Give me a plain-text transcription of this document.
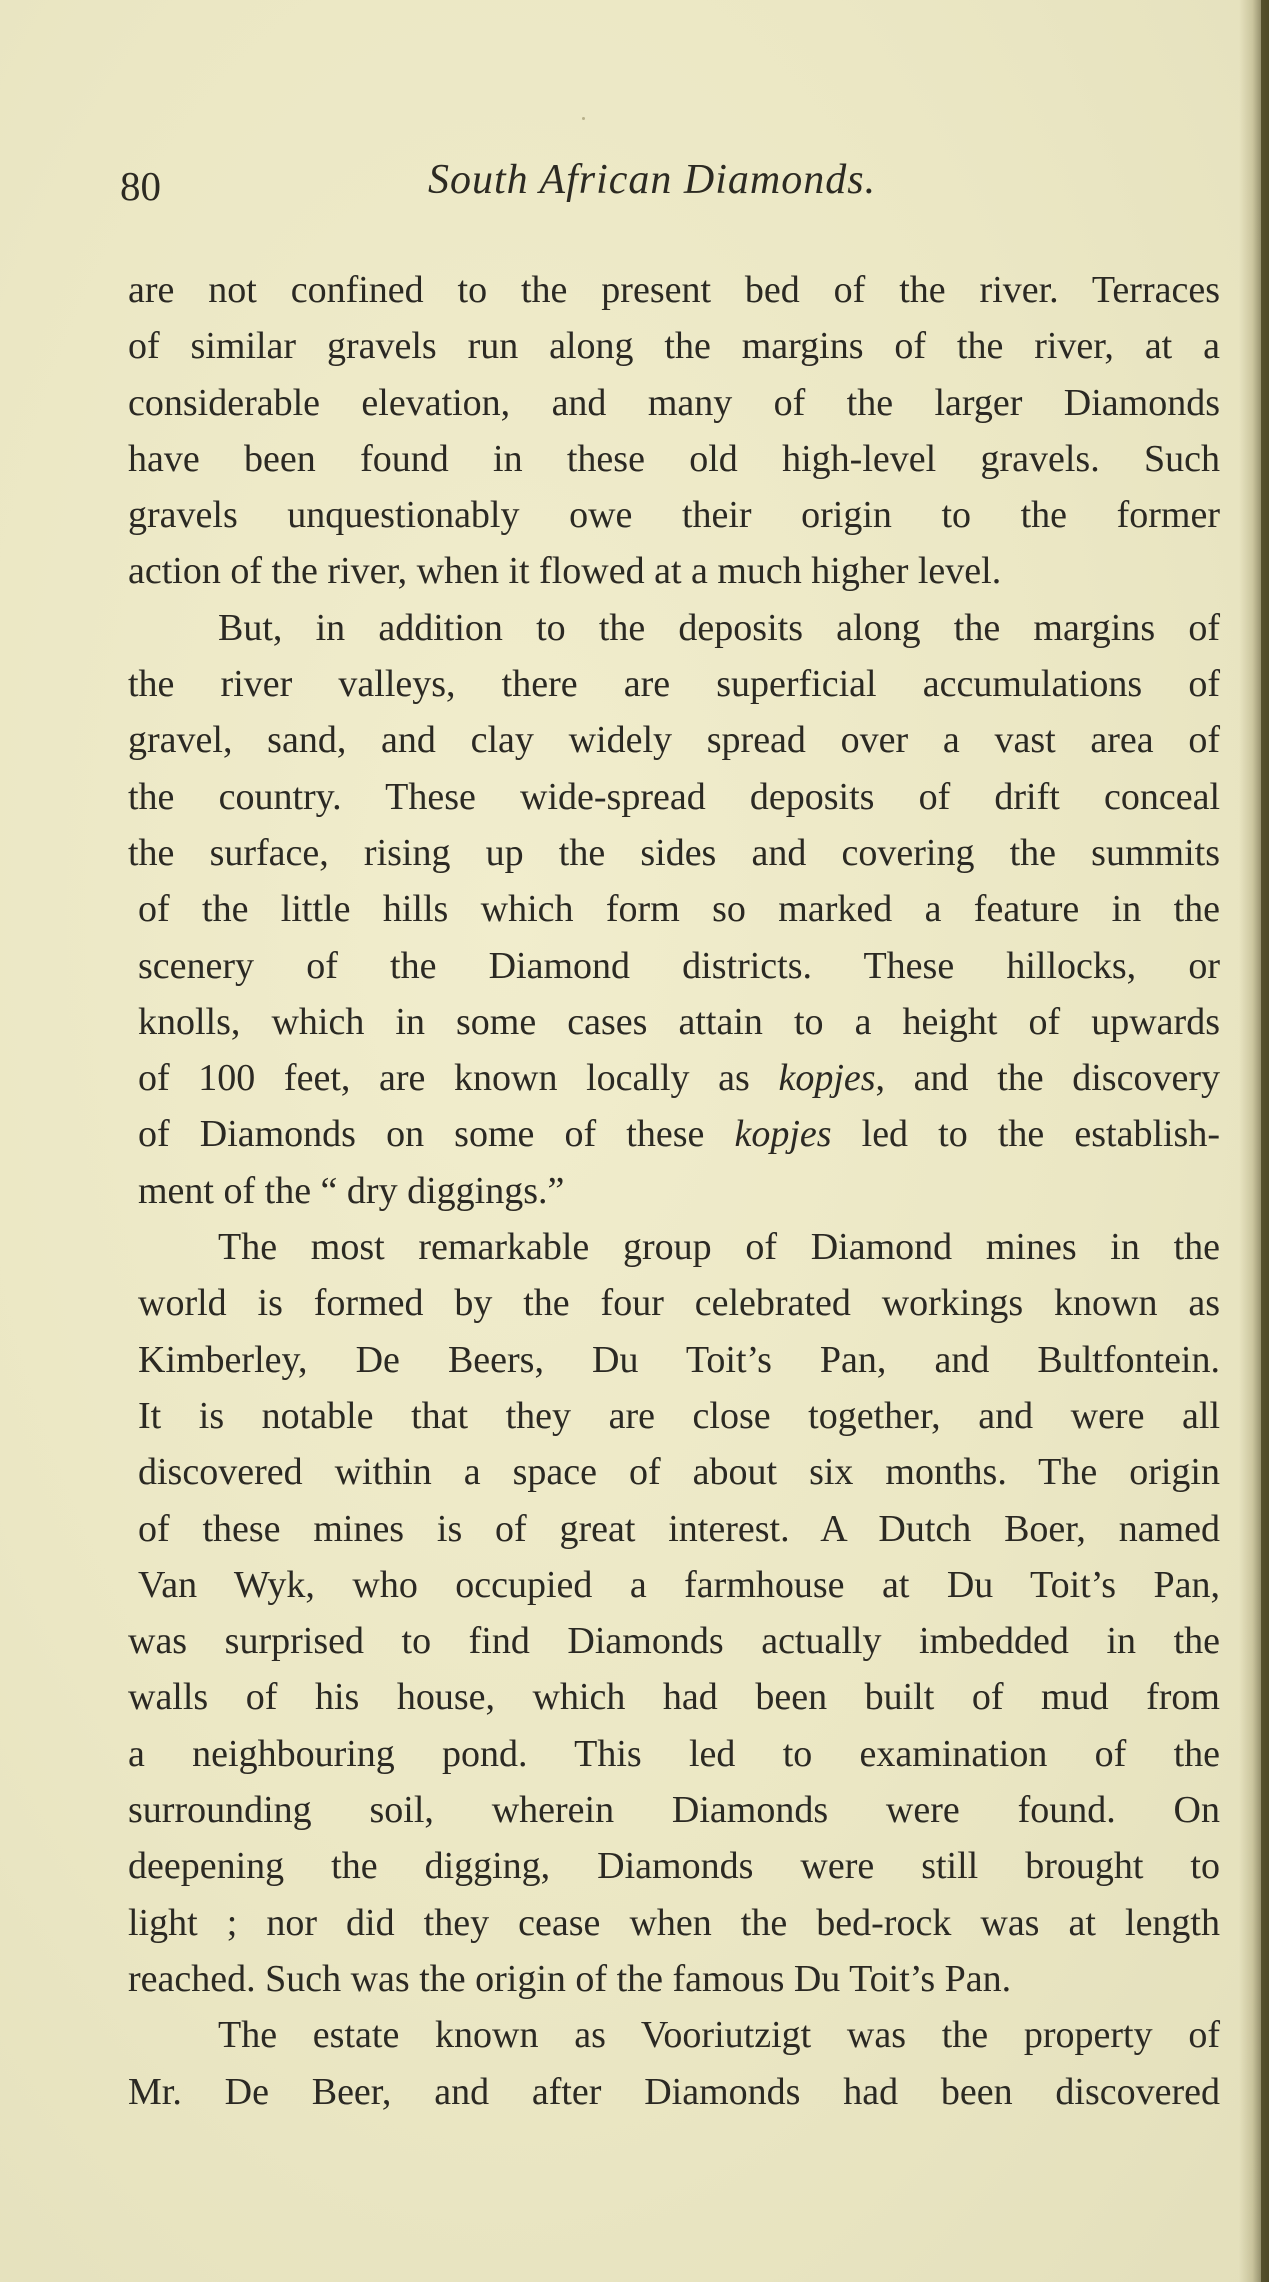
80	South African Diamonds.
are not confined to the present bed of the river. Terraces
of similar gravels run along the margins of the river, at a
considerable elevation, and many of the larger Diamonds
have been found in these old high-level gravels. Such
gravels unquestionably owe their origin to the former
action of the river, when it flowed at a much higher level.
But, in addition to the deposits along the margins of
the river valleys, there are superficial accumulations of
gravel, sand, and clay widely spread over a vast area of
the country. These wide-spread deposits of drift conceal
the surface, rising up the sides and covering the summits
of the little hills which form so marked a feature in the
scenery of the Diamond districts. These hillocks, or
knolls, which in some cases attain to a height of upwards
of 100 feet, are known locally as kopjes, and the discovery
of Diamonds on some of these kopjes led to the establish-
ment of the “ dry diggings.”
The most remarkable group of Diamond mines in the
world is formed by the four celebrated workings known as
Kimberley, De Beers, Du Toit’s Pan, and Bultfontein.
It is notable that they are close together, and were all
discovered within a space of about six months. The origin
of these mines is of great interest. A Dutch Boer, named
Van Wyk, who occupied a farmhouse at Du Toit’s Pan,
was surprised to find Diamonds actually imbedded in the
walls of his house, which had been built of mud from
a neighbouring pond. This led to examination of the
surrounding soil, wherein Diamonds were found. On
deepening the digging, Diamonds were still brought to
light ; nor did they cease when the bed-rock was at length
reached. Such was the origin of the famous Du Toit’s Pan.
The estate known as Vooriutzigt was the property of
Mr. De Beer, and after Diamonds had been discovered
